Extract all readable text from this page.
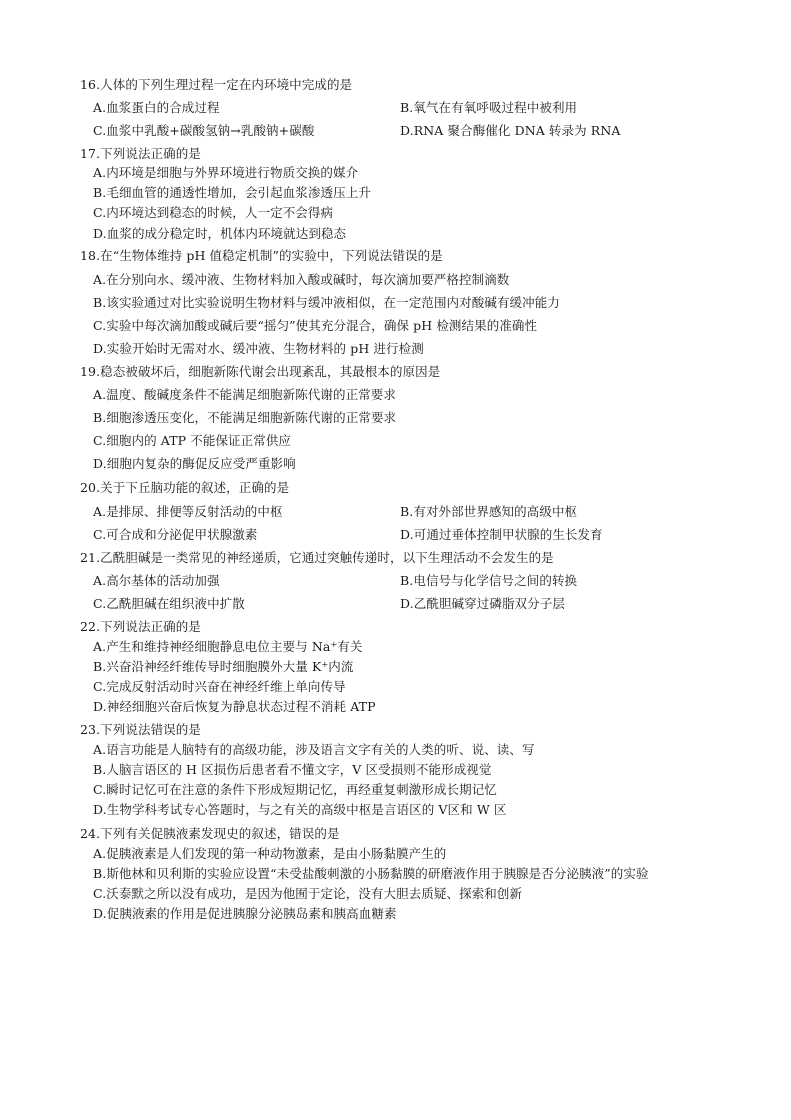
16.人体的下列生理过程一定在内环境中完成的是
A.血浆蛋白的合成过程	B.氧气在有氧呼吸过程中被利用
C.血浆中乳酸+碳酸氢钠→乳酸钠+碳酸	D.RNA 聚合酶催化 DNA 转录为 RNA
17.下列说法正确的是
A.内环境是细胞与外界环境进行物质交换的媒介
B.毛细血管的通透性增加，会引起血浆渗透压上升
C.内环境达到稳态的时候，人一定不会得病
D.血浆的成分稳定时，机体内环境就达到稳态
18.在“生物体维持 pH 值稳定机制”的实验中，下列说法错误的是
A.在分别向水、缓冲液、生物材料加入酸或碱时，每次滴加要严格控制滴数
B.该实验通过对比实验说明生物材料与缓冲液相似，在一定范围内对酸碱有缓冲能力
C.实验中每次滴加酸或碱后要“摇匀”使其充分混合，确保 pH 检测结果的准确性
D.实验开始时无需对水、缓冲液、生物材料的 pH 进行检测
19.稳态被破坏后，细胞新陈代谢会出现紊乱，其最根本的原因是
A.温度、酸碱度条件不能满足细胞新陈代谢的正常要求
B.细胞渗透压变化，不能满足细胞新陈代谢的正常要求
C.细胞内的 ATP 不能保证正常供应
D.细胞内复杂的酶促反应受严重影响
20.关于下丘脑功能的叙述，正确的是
A.是排尿、排便等反射活动的中枢	B.有对外部世界感知的高级中枢
C.可合成和分泌促甲状腺激素	D.可通过垂体控制甲状腺的生长发育
21.乙酰胆碱是一类常见的神经递质，它通过突触传递时，以下生理活动不会发生的是
A.高尔基体的活动加强	B.电信号与化学信号之间的转换
C.乙酰胆碱在组织液中扩散	D.乙酰胆碱穿过磷脂双分子层
22.下列说法正确的是
A.产生和维持神经细胞静息电位主要与 Na+有关
B.兴奋沿神经纤维传导时细胞膜外大量 K+内流
C.完成反射活动时兴奋在神经纤维上单向传导
D.神经细胞兴奋后恢复为静息状态过程不消耗 ATP
23.下列说法错误的是
A.语言功能是人脑特有的高级功能，涉及语言文字有关的人类的听、说、读、写
B.人脑言语区的 H 区损伤后患者看不懂文字，V 区受损则不能形成视觉
C.瞬时记忆可在注意的条件下形成短期记忆，再经重复刺激形成长期记忆
D.生物学科考试专心答题时，与之有关的高级中枢是言语区的 V区和 W 区
24.下列有关促胰液素发现史的叙述，错误的是
A.促胰液素是人们发现的第一种动物激素，是由小肠黏膜产生的
B.斯他林和贝利斯的实验应设置“未受盐酸刺激的小肠黏膜的研磨液作用于胰腺是否分泌胰液”的实验
C.沃泰默之所以没有成功，是因为他囿于定论，没有大胆去质疑、探索和创新
D.促胰液素的作用是促进胰腺分泌胰岛素和胰高血糖素
